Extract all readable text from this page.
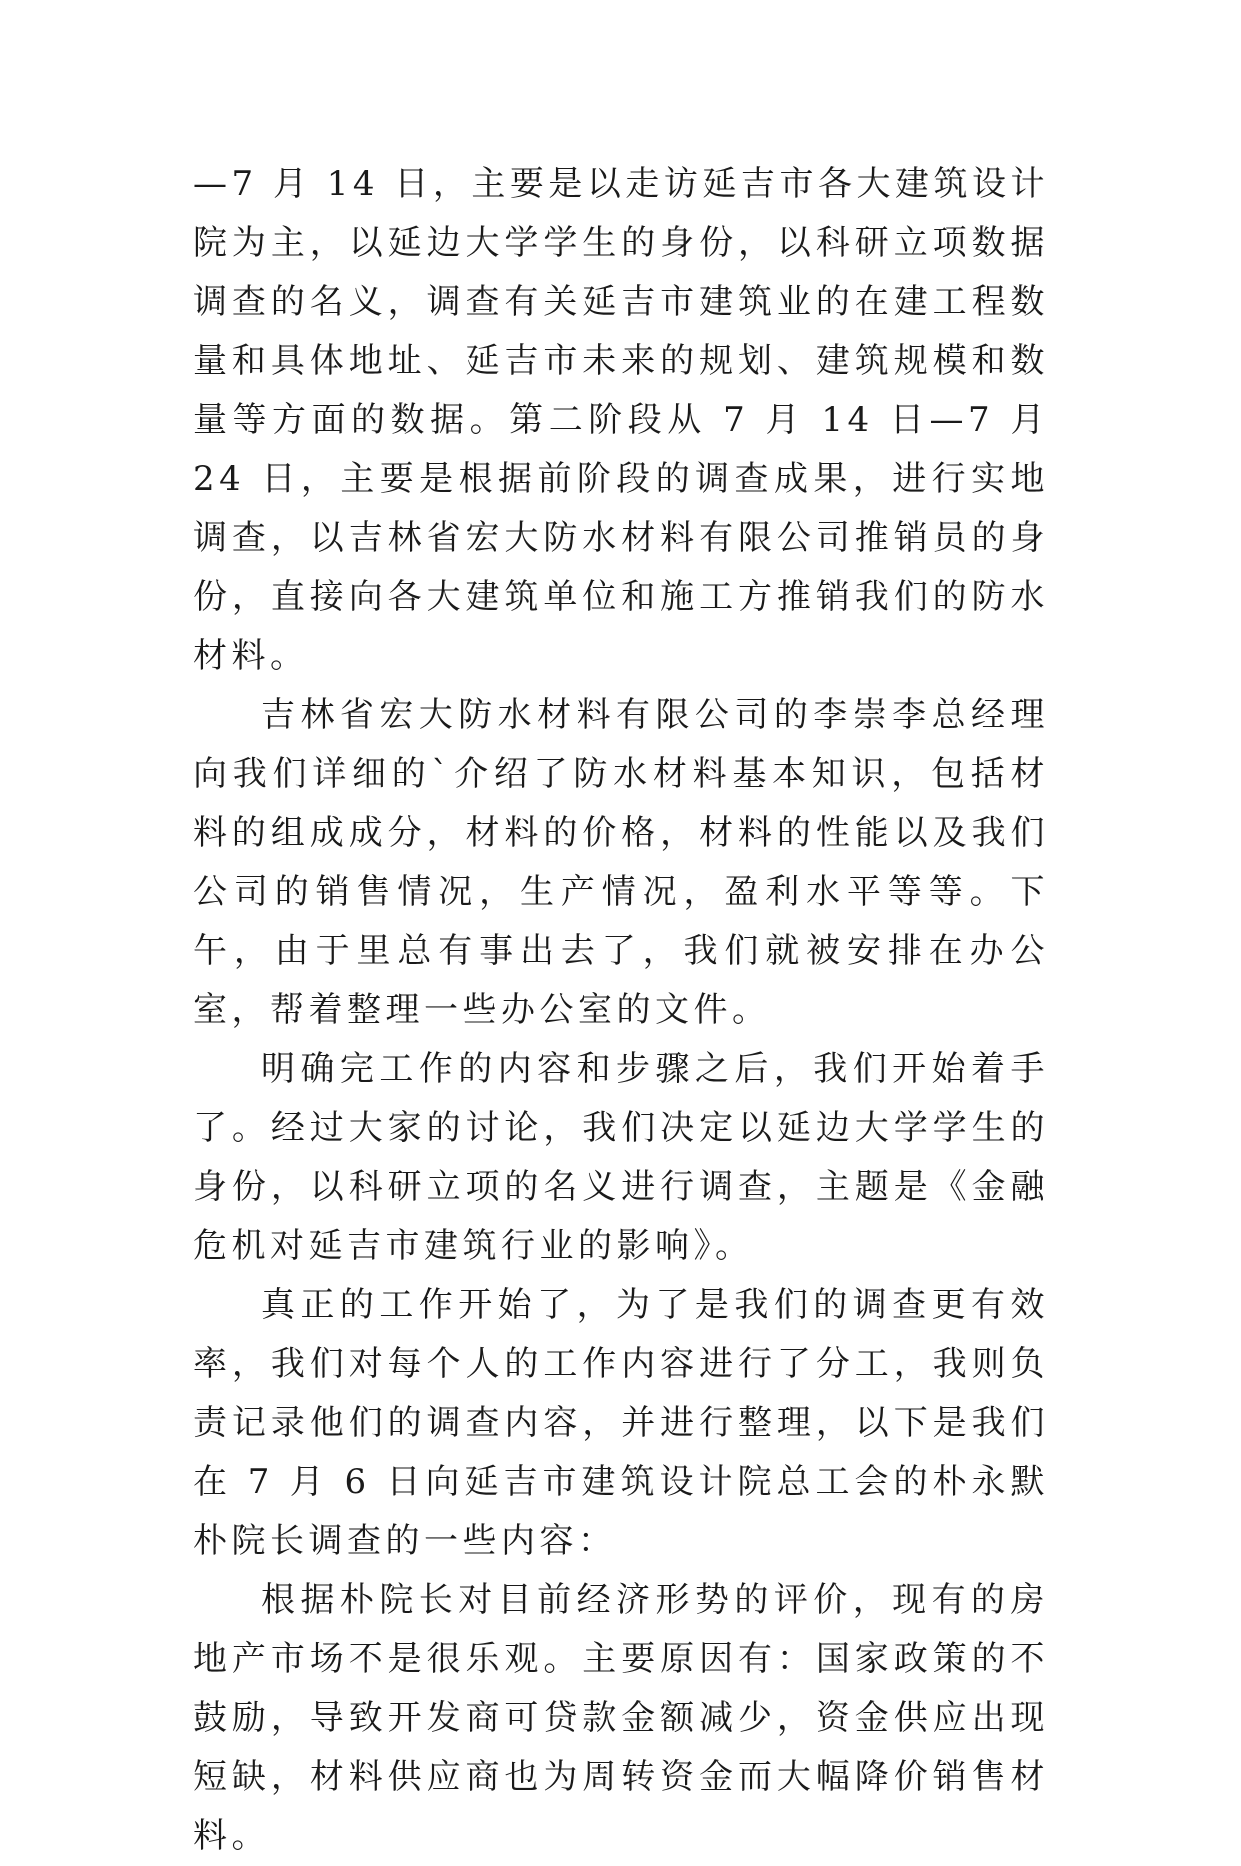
—7 月 14 日，主要是以走访延吉市各大建筑设计院为主，以延边大学学生的身份，以科研立项数据调查的名义，调查有关延吉市建筑业的在建工程数量和具体地址、延吉市未来的规划、建筑规模和数量等方面的数据。第二阶段从 7 月 14 日—7 月 24 日，主要是根据前阶段的调查成果，进行实地调查，以吉林省宏大防水材料有限公司推销员的身份，直接向各大建筑单位和施工方推销我们的防水材料。

吉林省宏大防水材料有限公司的李崇李总经理向我们详细的`介绍了防水材料基本知识，包括材料的组成成分，材料的价格，材料的性能以及我们公司的销售情况，生产情况，盈利水平等等。下午，由于里总有事出去了，我们就被安排在办公室，帮着整理一些办公室的文件。

明确完工作的内容和步骤之后，我们开始着手了。经过大家的讨论，我们决定以延边大学学生的身份，以科研立项的名义进行调查，主题是《金融危机对延吉市建筑行业的影响》。

真正的工作开始了，为了是我们的调查更有效率，我们对每个人的工作内容进行了分工，我则负责记录他们的调查内容，并进行整理，以下是我们在 7 月 6 日向延吉市建筑设计院总工会的朴永默朴院长调查的一些内容：

根据朴院长对目前经济形势的评价，现有的房地产市场不是很乐观。主要原因有：国家政策的不鼓励，导致开发商可贷款金额减少，资金供应出现短缺，材料供应商也为周转资金而大幅降价销售材料。
